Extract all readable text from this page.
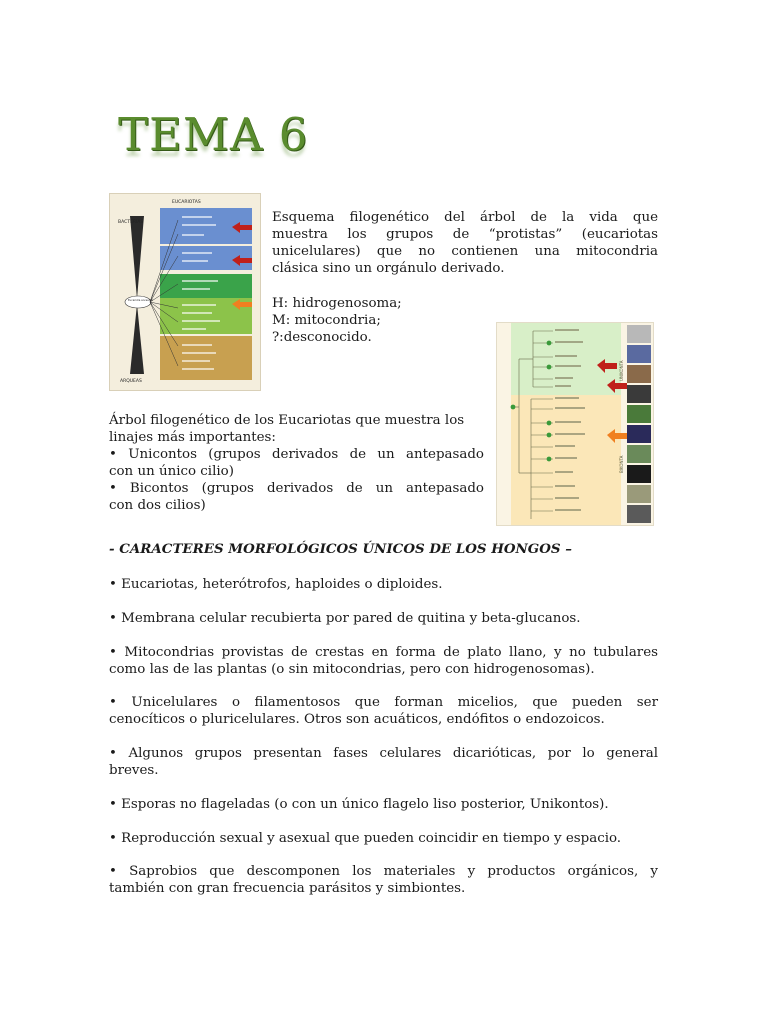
TEMA 6
BACTERIAS
ARQUEAS
EUCARIOTAS
Eucariota ancestral
Esquema filogenético del árbol de la vida que
muestra los grupos de “protistas” (eucariotas
unicelulares) que no contienen una mitocondria
clásica sino un orgánulo derivado.
H: hidrogenosoma;
M: mitocondria;
?:desconocido.
UNIKONTA
BIKONTA
Árbol filogenético de los Eucariotas que muestra los
linajes más importantes:
• Unicontos (grupos derivados de un antepasado
con un único cilio)
• Bicontos (grupos derivados de un antepasado
con dos cilios)

- CARACTERES MORFOLÓGICOS ÚNICOS DE LOS HONGOS –

• Eucariotas, heterótrofos, haploides o diploides.
• Membrana celular recubierta por pared de quitina y beta-glucanos.
• Mitocondrias provistas de crestas en forma de plato llano, y no tubulares
como las de las plantas (o sin mitocondrias, pero con hidrogenosomas).
• Unicelulares o filamentosos que forman micelios, que pueden ser
cenocíticos o pluricelulares. Otros son acuáticos, endófitos o endozoicos.
• Algunos grupos presentan fases celulares dicarióticas, por lo general
breves.
• Esporas no flageladas (o con un único flagelo liso posterior, Unikontos).
• Reproducción sexual y asexual que pueden coincidir en tiempo y espacio.
• Saprobios que descomponen los materiales y productos orgánicos, y
también con gran frecuencia parásitos y simbiontes.
